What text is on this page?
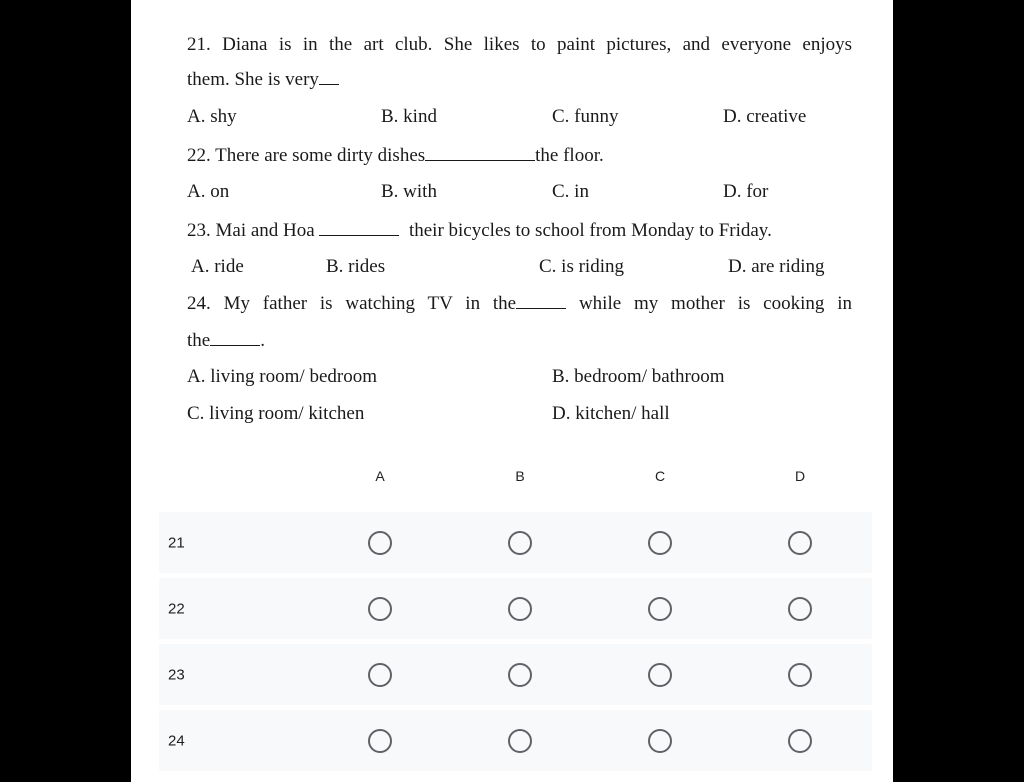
21. Diana is in the art club. She likes to paint pictures, and everyone enjoys
them. She is very
A. shy	B. kind	C. funny	D. creative
22. There are some dirty dishes	the floor.
A. on	B. with	C. in	D. for
23. Mai and Hoa	their bicycles to school from Monday to Friday.
A. ride	B. rides	C. is riding	D. are riding
24. My father is watching TV in the	while my mother is cooking in
the	.
A. living room/ bedroom	B. bedroom/ bathroom
C. living room/ kitchen	D. kitchen/ hall
A	B	C	D
21
22
23
24
